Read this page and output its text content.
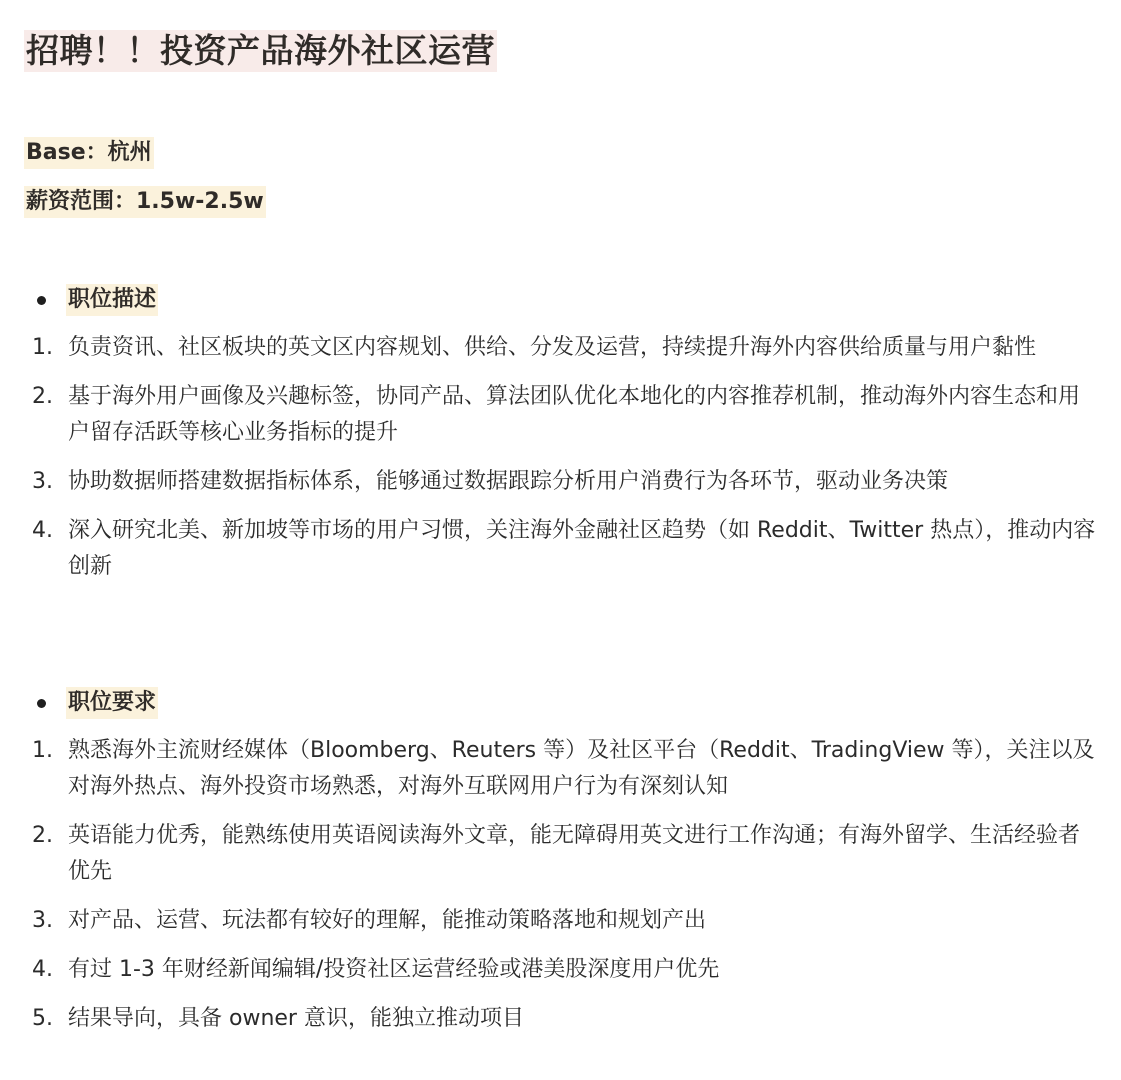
招聘！！投资产品海外社区运营
Base：杭州
薪资范围：1.5w-2.5w
职位描述
1. 负责资讯、社区板块的英文区内容规划、供给、分发及运营，持续提升海外内容供给质量与用户黏性
2. 基于海外用户画像及兴趣标签，协同产品、算法团队优化本地化的内容推荐机制，推动海外内容生态和用户留存活跃等核心业务指标的提升
3. 协助数据师搭建数据指标体系，能够通过数据跟踪分析用户消费行为各环节，驱动业务决策
4. 深入研究北美、新加坡等市场的用户习惯，关注海外金融社区趋势（如 Reddit、Twitter 热点），推动内容创新
职位要求
1. 熟悉海外主流财经媒体（Bloomberg、Reuters 等）及社区平台（Reddit、TradingView 等），关注以及对海外热点、海外投资市场熟悉，对海外互联网用户行为有深刻认知
2. 英语能力优秀，能熟练使用英语阅读海外文章，能无障碍用英文进行工作沟通；有海外留学、生活经验者优先
3. 对产品、运营、玩法都有较好的理解，能推动策略落地和规划产出
4. 有过 1-3 年财经新闻编辑/投资社区运营经验或港美股深度用户优先
5. 结果导向，具备 owner 意识，能独立推动项目
